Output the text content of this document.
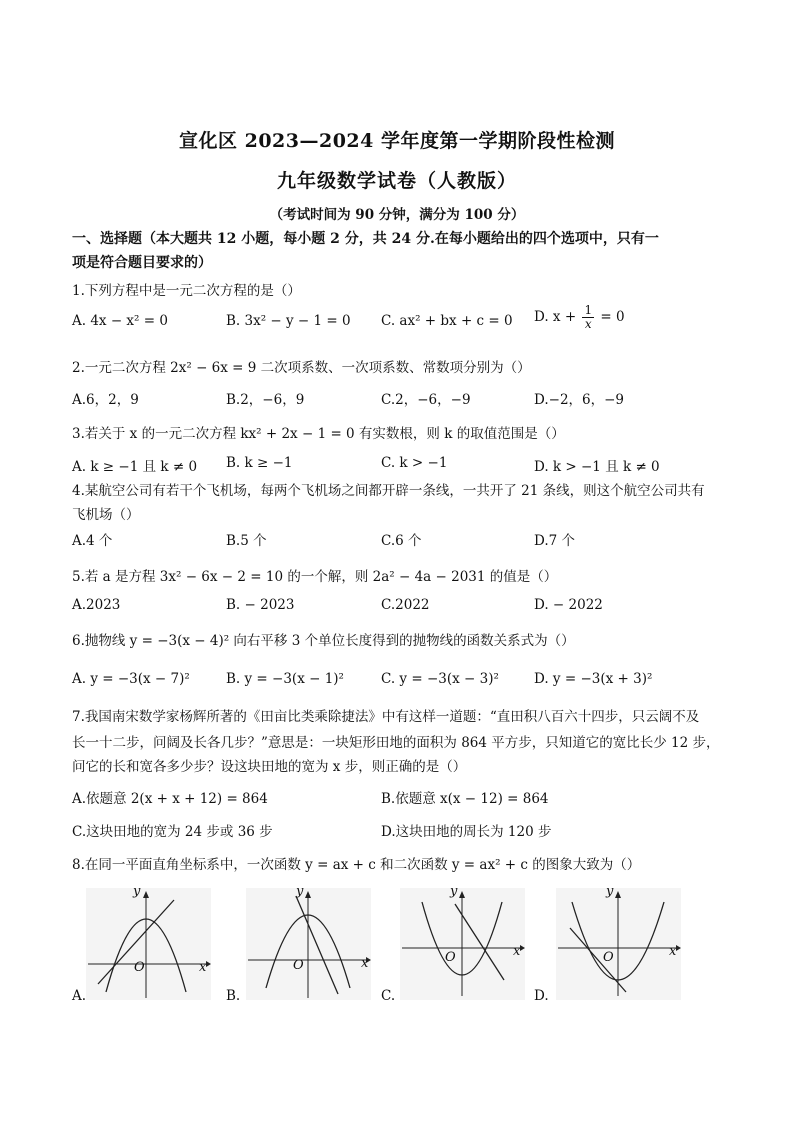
宣化区 2023—2024 学年度第一学期阶段性检测
九年级数学试卷（人教版）
（考试时间为 90 分钟，满分为 100 分）
一、选择题（本大题共 12 小题，每小题 2 分，共 24 分.在每小题给出的四个选项中，只有一
项是符合题目要求的）
1.下列方程中是一元二次方程的是（）
A. 4x − x² = 0	B. 3x² − y − 1 = 0 C. ax² + bx + c = 0 D. $x + \frac{1}{x} = 0$
2.一元二次方程 2x² − 6x = 9 二次项系数、一次项系数、常数项分别为（）
A.6，2，9	B.2，−6，9	C.2，−6，−9	D.−2，6，−9
3.若关于 x 的一元二次方程 kx² + 2x − 1 = 0 有实数根，则 k 的取值范围是（）
A. k ≥ −1 且 k ≠ 0 B. k ≥ −1	C. k > −1	D. k > −1 且 k ≠ 0
4.某航空公司有若干个飞机场，每两个飞机场之间都开辟一条线，一共开了 21 条线，则这个航空公司共有
飞机场（）
A.4 个	B.5 个	C.6 个	D.7 个
5.若 a 是方程 3x² − 6x − 2 = 10 的一个解，则 2a² − 4a − 2031 的值是（）
A.2023	B. − 2023	C.2022	D. − 2022
6.抛物线 y = −3(x − 4)² 向右平移 3 个单位长度得到的抛物线的函数关系式为（）
A. y = −3(x − 7)²	B. y = −3(x − 1)²	C. y = −3(x − 3)²	D. y = −3(x + 3)²
7.我国南宋数学家杨辉所著的《田亩比类乘除捷法》中有这样一道题：“直田积八百六十四步，只云阔不及
长一十二步，问阔及长各几步？”意思是：一块矩形田地的面积为 864 平方步，只知道它的宽比长少 12 步，
问它的长和宽各多少步？设这块田地的宽为 x 步，则正确的是（）
A.依题意 2(x + x + 12) = 864	B.依题意 x(x − 12) = 864
C.这块田地的宽为 24 步或 36 步	D.这块田地的周长为 120 步
8.在同一平面直角坐标系中，一次函数 y = ax + c 和二次函数 y = ax² + c 的图象大致为（）
y
x
O
A.
y
x
O
B.
y
x
O
C.
y
x
O
D.
